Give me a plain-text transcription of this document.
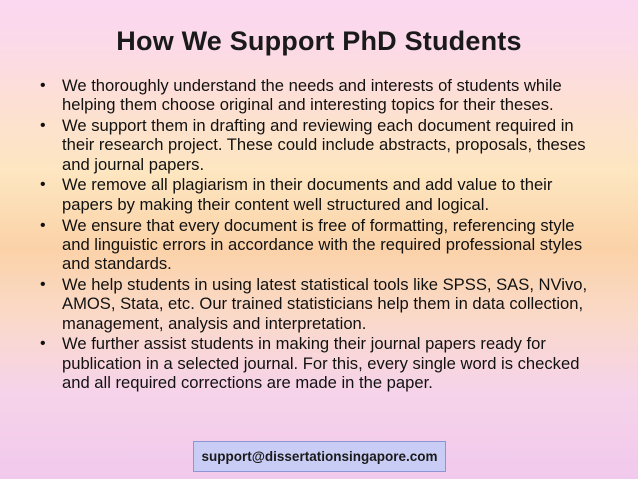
How We Support PhD Students
• We thoroughly understand the needs and interests of students while helping them choose original and interesting topics for their theses.
• We support them in drafting and reviewing each document required in their research project. These could include abstracts, proposals, theses and journal papers.
• We remove all plagiarism in their documents and add value to their papers by making their content well structured and logical.
• We ensure that every document is free of formatting, referencing style and linguistic errors in accordance with the required professional styles and standards.
• We help students in using latest statistical tools like SPSS, SAS, NVivo, AMOS, Stata, etc. Our trained statisticians help them in data collection, management, analysis and interpretation.
• We further assist students in making their journal papers ready for publication in a selected journal. For this, every single word is checked and all required corrections are made in the paper.
support@dissertationsingapore.com
